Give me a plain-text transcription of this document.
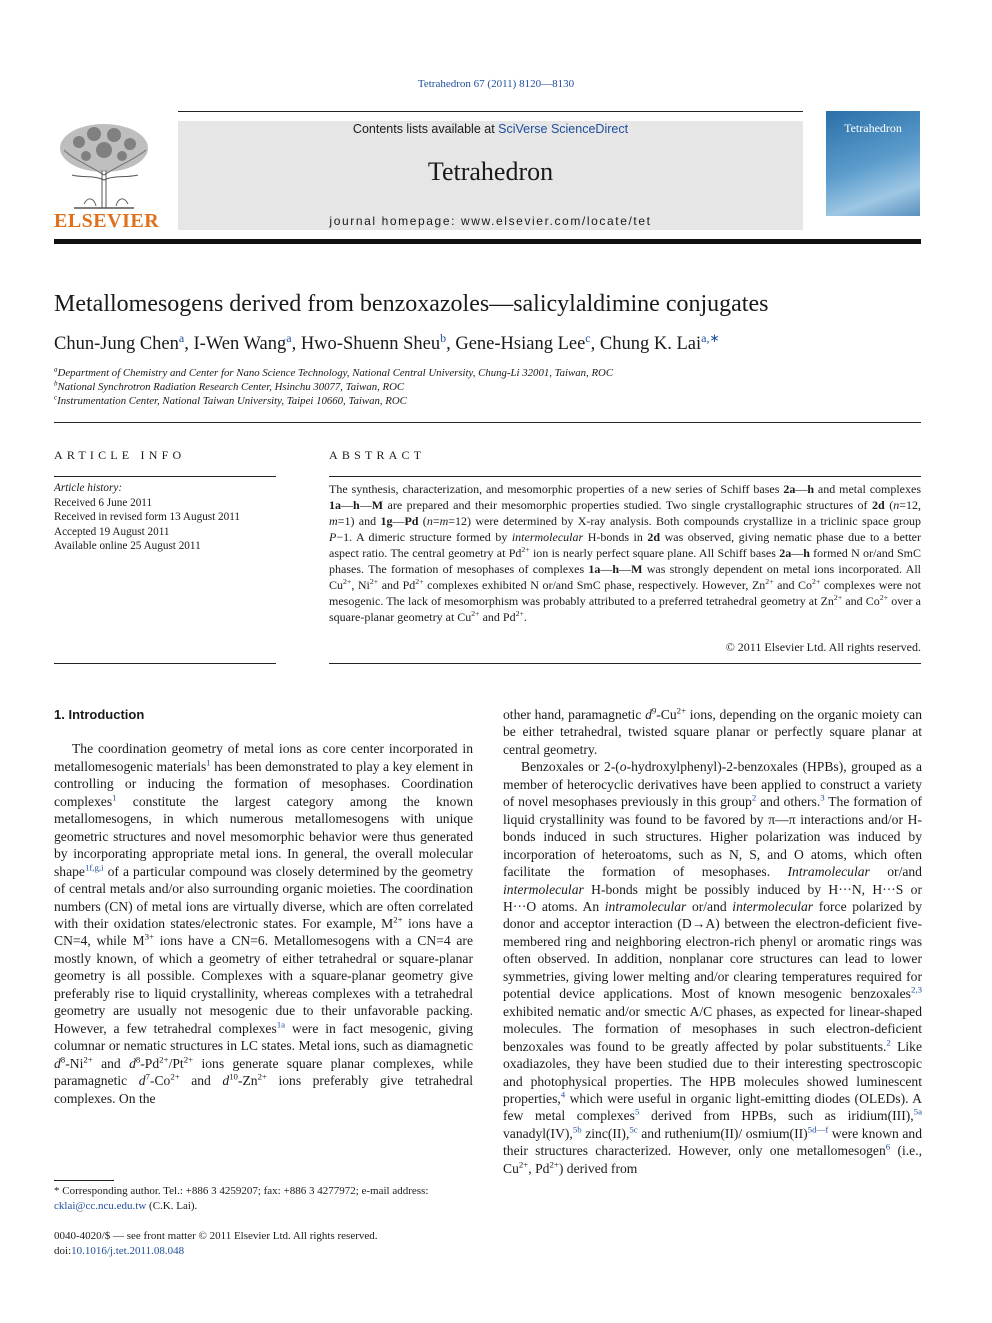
Tetrahedron 67 (2011) 8120—8130
ELSEVIER
Contents lists available at SciVerse ScienceDirect
Tetrahedron
journal homepage: www.elsevier.com/locate/tet
Tetrahedron
Metallomesogens derived from benzoxazoles—salicylaldimine conjugates
Chun-Jung Chen$^a$, I-Wen Wang$^a$, Hwo-Shuenn Sheu$^b$, Gene-Hsiang Lee$^c$, Chung K. Lai$^{a,∗}$
$^a$Department of Chemistry and Center for Nano Science Technology, National Central University, Chung-Li 32001, Taiwan, ROC
$^b$National Synchrotron Radiation Research Center, Hsinchu 30077, Taiwan, ROC
$^c$Instrumentation Center, National Taiwan University, Taipei 10660, Taiwan, ROC
ARTICLE INFO
Article history:
Received 6 June 2011
Received in revised form 13 August 2011
Accepted 19 August 2011
Available online 25 August 2011
ABSTRACT
The synthesis, characterization, and mesomorphic properties of a new series of Schiff bases 2a—h and metal complexes 1a—h—M are prepared and their mesomorphic properties studied. Two single crystallographic structures of 2d (n=12, m=1) and 1g—Pd (n=m=12) were determined by X-ray analysis. Both compounds crystallize in a triclinic space group P−1. A dimeric structure formed by intermolecular H-bonds in 2d was observed, giving nematic phase due to a better aspect ratio. The central geometry at $Pd^{2+}$ ion is nearly perfect square plane. All Schiff bases 2a—h formed N or/and SmC phases. The formation of mesophases of complexes 1a—h—M was strongly dependent on metal ions incorporated. All $Cu^{2+}$, $Ni^{2+}$ and $Pd^{2+}$ complexes exhibited N or/and SmC phase, respectively. However, $Zn^{2+}$ and $Co^{2+}$ complexes were not mesogenic. The lack of mesomorphism was probably attributed to a preferred tetrahedral geometry at $Zn^{2+}$ and $Co^{2+}$ over a square-planar geometry at $Cu^{2+}$ and $Pd^{2+}$.
© 2011 Elsevier Ltd. All rights reserved.
1. Introduction

The coordination geometry of metal ions as core center incorporated in metallomesogenic materials$^1$ has been demonstrated to play a key element in controlling or inducing the formation of mesophases. Coordination complexes$^1$ constitute the largest category among the known metallomesogens, in which numerous metallomesogens with unique geometric structures and novel mesomorphic behavior were thus generated by incorporating appropriate metal ions. In general, the overall molecular shape$^{1f,g,i}$ of a particular compound was closely determined by the geometry of central metals and/or also surrounding organic moieties. The coordination numbers (CN) of metal ions are virtually diverse, which are often correlated with their oxidation states/electronic states. For example, $M^{2+}$ ions have a CN=4, while $M^{3+}$ ions have a CN=6. Metallomesogens with a CN=4 are mostly known, of which a geometry of either tetrahedral or square-planar geometry is all possible. Complexes with a square-planar geometry give preferably rise to liquid crystallinity, whereas complexes with a tetrahedral geometry are usually not mesogenic due to their unfavorable packing. However, a few tetrahedral complexes$^{1a}$ were in fact mesogenic, giving columnar or nematic structures in LC states. Metal ions, such as diamagnetic $d^8-Ni^{2+}$ and $d^8-Pd^{2+}/Pt^{2+}$ ions generate square planar complexes, while paramagnetic $d^7-Co^{2+}$ and $d^{10}-Zn^{2+}$ ions preferably give tetrahedral complexes. On the

other hand, paramagnetic $d^9-Cu^{2+}$ ions, depending on the organic moiety can be either tetrahedral, twisted square planar or perfectly square planar at central geometry.

Benzoxales or 2-(o-hydroxylphenyl)-2-benzoxales (HPBs), grouped as a member of heterocyclic derivatives have been applied to construct a variety of novel mesophases previously in this group$^2$ and others.$^3$ The formation of liquid crystallinity was found to be favored by π—π interactions and/or H-bonds induced in such structures. Higher polarization was induced by incorporation of heteroatoms, such as N, S, and O atoms, which often facilitate the formation of mesophases. Intramolecular or/and intermolecular H-bonds might be possibly induced by H···N, H···S or H···O atoms. An intramolecular or/and intermolecular force polarized by donor and acceptor interaction (D→A) between the electron-deficient five-membered ring and neighboring electron-rich phenyl or aromatic rings was often observed. In addition, nonplanar core structures can lead to lower symmetries, giving lower melting and/or clearing temperatures required for potential device applications. Most of known mesogenic benzoxales$^{2,3}$ exhibited nematic and/or smectic A/C phases, as expected for linear-shaped molecules. The formation of mesophases in such electron-deficient benzoxales was found to be greatly affected by polar substituents.$^2$ Like oxadiazoles, they have been studied due to their interesting spectroscopic and photophysical properties. The HPB molecules showed luminescent properties,$^4$ which were useful in organic light-emitting diodes (OLEDs). A few metal complexes$^5$ derived from HPBs, such as iridium(III),$^{5a}$ vanadyl(IV),$^{5b}$ zinc(II),$^{5c}$ and ruthenium(II)/ osmium(II)$^{5d—f}$ were known and their structures characterized. However, only one metallomesogen$^6$ (i.e., $Cu^{2+}$, $Pd^{2+}$) derived from

* Corresponding author. Tel.: +886 3 4259207; fax: +886 3 4277972; e-mail address: cklai@cc.ncu.edu.tw (C.K. Lai).
0040-4020/$ — see front matter © 2011 Elsevier Ltd. All rights reserved.
doi:10.1016/j.tet.2011.08.048
